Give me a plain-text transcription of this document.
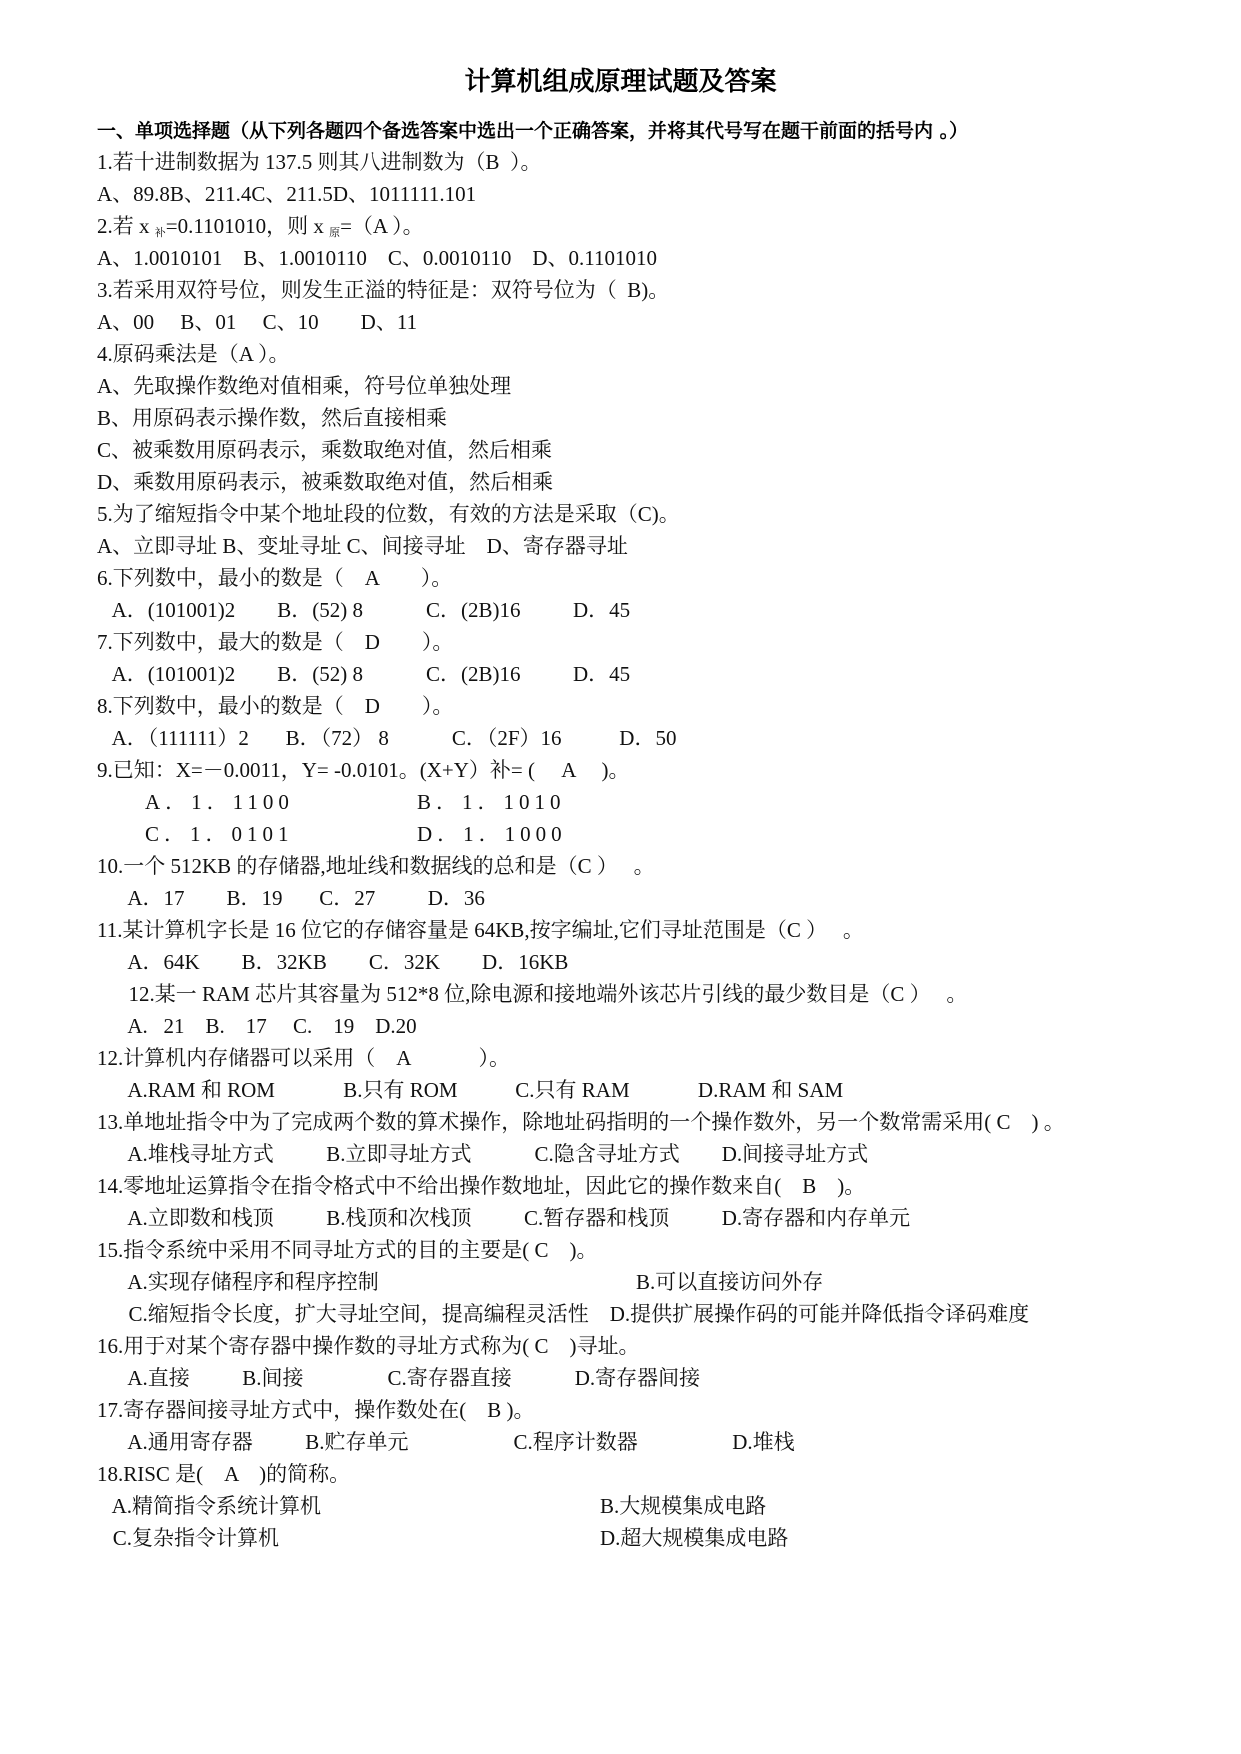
计算机组成原理试题及答案
一、单项选择题（从下列各题四个备选答案中选出一个正确答案，并将其代号写在题干前面的括号内 。）
1.若十进制数据为 137.5 则其八进制数为（B  ）。
A、89.8B、211.4C、211.5D、1011111.101
2.若 x $_补$=0.1101010，则 x $_原$=（A ）。
A、1.0010101    B、1.0010110    C、0.0010110    D、0.1101010
3.若采用双符号位，则发生正溢的特征是：双符号位为（  B)。
A、00     B、01     C、10        D、11
4.原码乘法是（A ）。
A、先取操作数绝对值相乘，符号位单独处理
B、用原码表示操作数，然后直接相乘
C、被乘数用原码表示，乘数取绝对值，然后相乘
D、乘数用原码表示，被乘数取绝对值，然后相乘
5.为了缩短指令中某个地址段的位数，有效的方法是采取（C)。
A、立即寻址 B、变址寻址 C、间接寻址    D、寄存器寻址
6.下列数中，最小的数是（    A        ）。
A．(101001)2        B．(52) 8            C．(2B)16          D．45
7.下列数中，最大的数是（    D        ）。
A．(101001)2        B．(52) 8            C．(2B)16          D．45
8.下列数中，最小的数是（    D        ）。
A．（111111）2       B．（72） 8            C．（2F）16           D．50
9.已知：X=－0.0011，Y= -0.0101。(X+Y）补= (     A     )。
A．1．1100	B．1．1010
C．1．0101	D．1．1000
10.一个 512KB 的存储器,地址线和数据线的总和是（C ）   。
A．17        B．19       C．27          D．36
11.某计算机字长是 16 位它的存储容量是 64KB,按字编址,它们寻址范围是（C ）   。
A．64K        B．32KB        C．32K        D．16KB
12.某一 RAM 芯片其容量为 512*8 位,除电源和接地端外该芯片引线的最少数目是（C ）   。
A.   21    B.    17     C.    19    D.20
12.计算机内存储器可以采用（    A             ）。
A.RAM 和 ROM             B.只有 ROM           C.只有 RAM             D.RAM 和 SAM
13.单地址指令中为了完成两个数的算术操作，除地址码指明的一个操作数外，另一个数常需采用( C    ) 。
A.堆栈寻址方式          B.立即寻址方式            C.隐含寻址方式        D.间接寻址方式
14.零地址运算指令在指令格式中不给出操作数地址，因此它的操作数来自(    B    )。
A.立即数和栈顶          B.栈顶和次栈顶          C.暂存器和栈顶          D.寄存器和内存单元
15.指令系统中采用不同寻址方式的目的主要是( C    )。
A.实现存储程序和程序控制	B.可以直接访问外存
C.缩短指令长度，扩大寻址空间，提高编程灵活性    D.提供扩展操作码的可能并降低指令译码难度
16.用于对某个寄存器中操作数的寻址方式称为( C    )寻址。
A.直接          B.间接                C.寄存器直接            D.寄存器间接
17.寄存器间接寻址方式中，操作数处在(    B )。
A.通用寄存器          B.贮存单元                    C.程序计数器                  D.堆栈
18.RISC 是(    A    )的简称。
A.精简指令系统计算机	B.大规模集成电路
C.复杂指令计算机	D.超大规模集成电路
